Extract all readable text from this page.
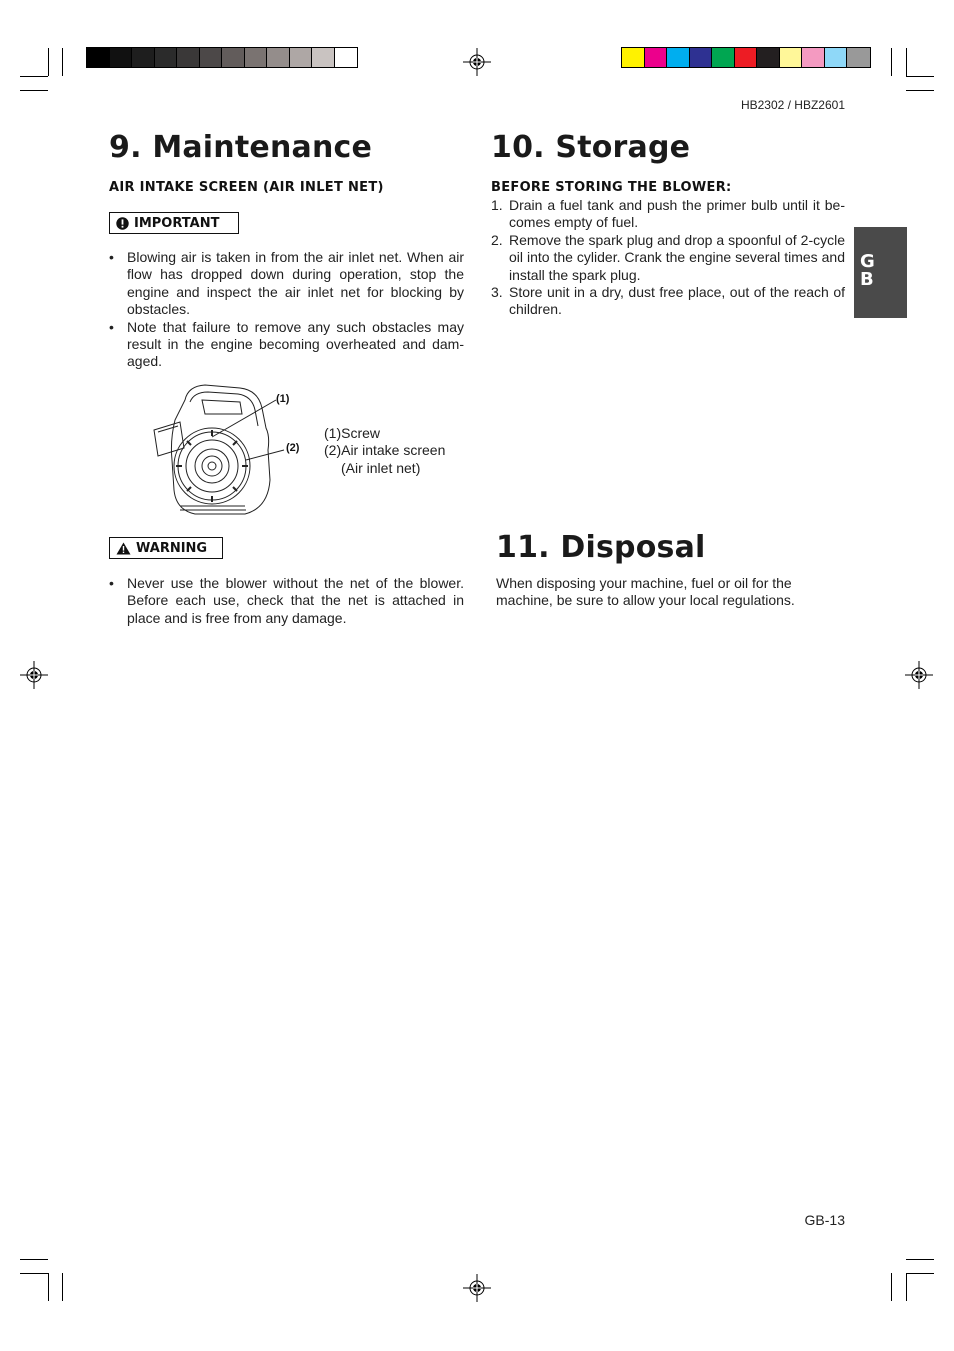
HB2302 / HBZ2601
G
B
9. Maintenance
AIR INTAKE SCREEN (AIR INLET NET)
IMPORTANT
• Blowing air is taken in from the air inlet net. When air flow has dropped down during operation, stop the engine and inspect the air inlet net for blocking by obstacles.
• Note that failure to remove any such obstacles may result in the engine becoming overheated and dam-aged.
(1)
(2)
(1)Screw
(2)Air intake screen
(Air inlet net)
WARNING
• Never use the blower without the net of the blower. Before each use, check that the net is attached in place and is free from any damage.
10. Storage
BEFORE STORING THE BLOWER:
1. Drain a fuel tank and push the primer bulb until it be-comes empty of fuel.
2. Remove the spark plug and drop a spoonful of 2-cycle oil into the cylider. Crank the engine several times and install the spark plug.
3. Store unit in a dry, dust free place, out of the reach of children.
11. Disposal

When disposing your machine, fuel or oil for the machine, be sure to allow your local regulations.

GB-13
